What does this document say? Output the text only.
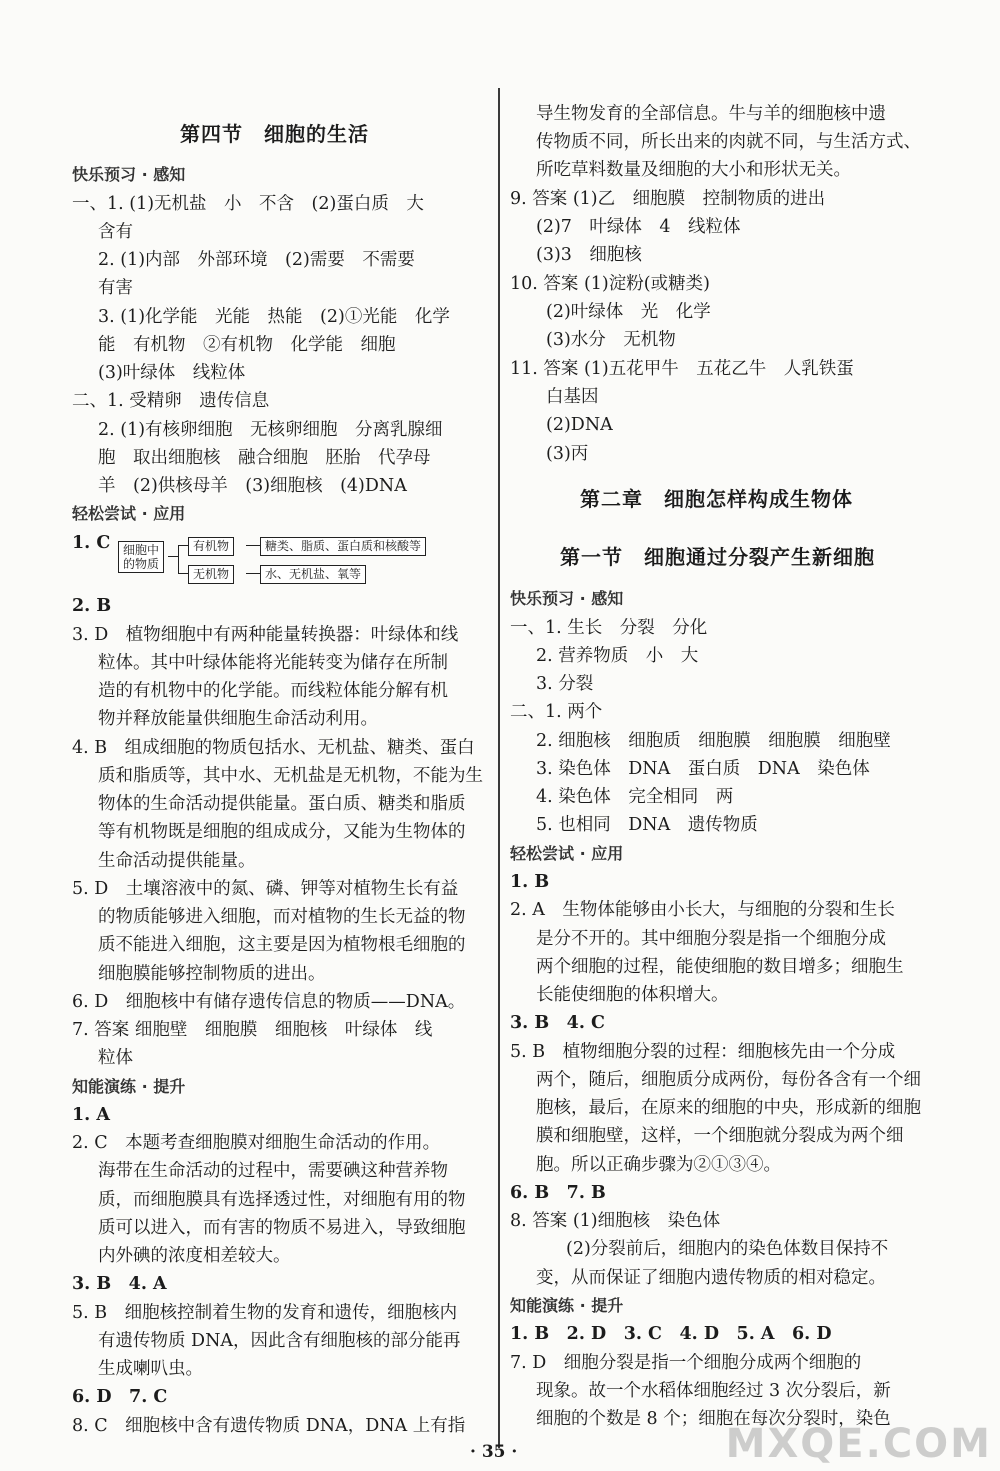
第四节　细胞的生活
快乐预习 · 感知
一、1. (1)无机盐　小　不含　(2)蛋白质　大
含有
2. (1)内部　外部环境　(2)需要　不需要
有害
3. (1)化学能　光能　热能　(2)①光能　化学
能　有机物　②有机物　化学能　细胞
(3)叶绿体　线粒体
二、1. 受精卵　遗传信息
2. (1)有核卵细胞　无核卵细胞　分离乳腺细
胞　取出细胞核　融合细胞　胚胎　代孕母
羊　(2)供核母羊　(3)细胞核　(4)DNA
轻松尝试 · 应用
1. C	细胞中
的物质
有机物
无机物
糖类、脂质、蛋白质和核酸等
水、无机盐、氧等
2. B
3. D　植物细胞中有两种能量转换器：叶绿体和线
粒体。其中叶绿体能将光能转变为储存在所制
造的有机物中的化学能。而线粒体能分解有机
物并释放能量供细胞生命活动利用。
4. B　组成细胞的物质包括水、无机盐、糖类、蛋白
质和脂质等，其中水、无机盐是无机物，不能为生
物体的生命活动提供能量。蛋白质、糖类和脂质
等有机物既是细胞的组成成分，又能为生物体的
生命活动提供能量。
5. D　土壤溶液中的氮、磷、钾等对植物生长有益
的物质能够进入细胞，而对植物的生长无益的物
质不能进入细胞，这主要是因为植物根毛细胞的
细胞膜能够控制物质的进出。
6. D　细胞核中有储存遗传信息的物质——DNA。
7. 答案 细胞壁　细胞膜　细胞核　叶绿体　线
粒体
知能演练 · 提升
1. A
2. C　本题考查细胞膜对细胞生命活动的作用。
海带在生命活动的过程中，需要碘这种营养物
质，而细胞膜具有选择透过性，对细胞有用的物
质可以进入，而有害的物质不易进入，导致细胞
内外碘的浓度相差较大。
3. B　4. A
5. B　细胞核控制着生物的发育和遗传，细胞核内
有遗传物质 DNA，因此含有细胞核的部分能再
生成喇叭虫。
6. D　7. C
8. C　细胞核中含有遗传物质 DNA，DNA 上有指
导生物发育的全部信息。牛与羊的细胞核中遗
传物质不同，所长出来的肉就不同，与生活方式、
所吃草料数量及细胞的大小和形状无关。
9. 答案 (1)乙　细胞膜　控制物质的进出
(2)7　叶绿体　4　线粒体
(3)3　细胞核
10. 答案 (1)淀粉(或糖类)
(2)叶绿体　光　化学
(3)水分　无机物
11. 答案 (1)五花甲牛　五花乙牛　人乳铁蛋
白基因
(2)DNA
(3)丙
第二章　细胞怎样构成生物体
第一节　细胞通过分裂产生新细胞
快乐预习 · 感知
一、1. 生长　分裂　分化
2. 营养物质　小　大
3. 分裂
二、1. 两个
2. 细胞核　细胞质　细胞膜　细胞膜　细胞壁
3. 染色体　DNA　蛋白质　DNA　染色体
4. 染色体　完全相同　两
5. 也相同　DNA　遗传物质
轻松尝试 · 应用
1. B
2. A　生物体能够由小长大，与细胞的分裂和生长
是分不开的。其中细胞分裂是指一个细胞分成
两个细胞的过程，能使细胞的数目增多；细胞生
长能使细胞的体积增大。
3. B　4. C
5. B　植物细胞分裂的过程：细胞核先由一个分成
两个，随后，细胞质分成两份，每份各含有一个细
胞核，最后，在原来的细胞的中央，形成新的细胞
膜和细胞壁，这样，一个细胞就分裂成为两个细
胞。所以正确步骤为②①③④。
6. B　7. B
8. 答案 (1)细胞核　染色体
(2)分裂前后，细胞内的染色体数目保持不
变，从而保证了细胞内遗传物质的相对稳定。
知能演练 · 提升
1. B　2. D　3. C　4. D　5. A　6. D
7. D　细胞分裂是指一个细胞分成两个细胞的
现象。故一个水稻体细胞经过 3 次分裂后，新
细胞的个数是 8 个；细胞在每次分裂时，染色
· 35 ·	MXQE.COM
